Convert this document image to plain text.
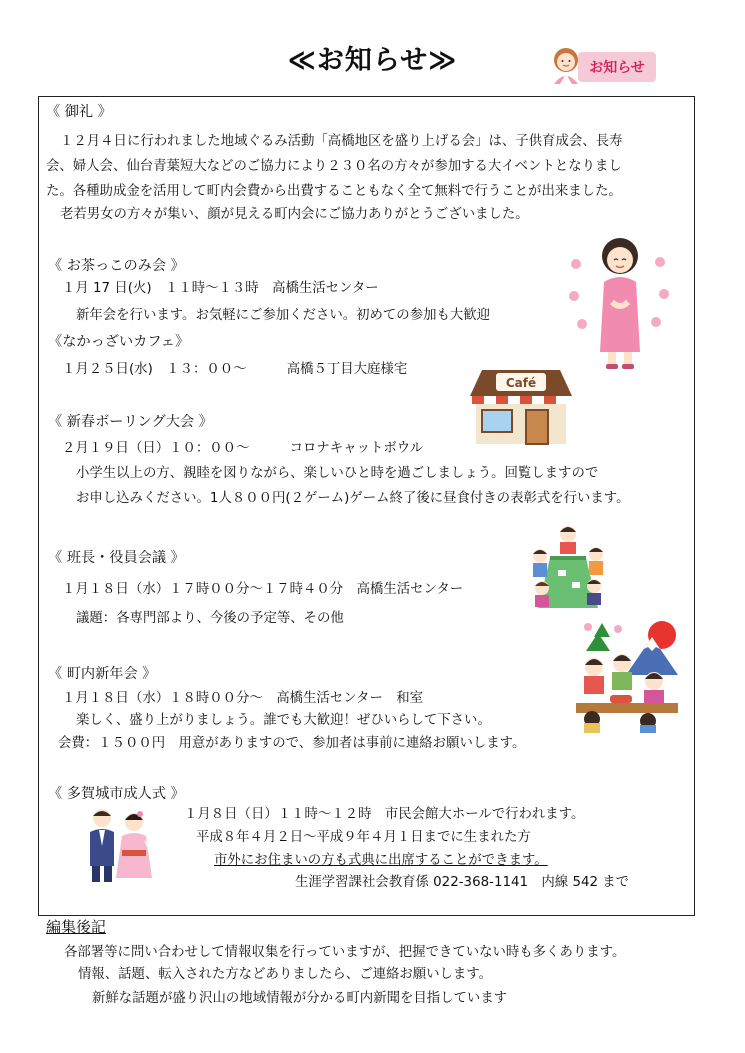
≪お知らせ≫	お知らせ
《 御礼 》
１２月４日に行われました地域ぐるみ活動「高橋地区を盛り上げる会」は、子供育成会、長寿
会、婦人会、仙台青葉短大などのご協力により２３０名の方々が参加する大イベントとなりまし
た。各種助成金を活用して町内会費から出費することもなく全て無料で行うことが出来ました。
老若男女の方々が集い、顔が見える町内会にご協力ありがとうございました。
《 お茶っこのみ会 》
１月 17 日(火)　１１時～１３時　高橋生活センター
新年会を行います。お気軽にご参加ください。初めての参加も大歓迎
《なかっざいカフェ》
１月２５日(水)　１３：００～　　　高橋５丁目大庭様宅
Café
《 新春ボーリング大会 》
２月１９日（日）１０：００～　　　コロナキャットボウル
小学生以上の方、親睦を図りながら、楽しいひと時を過ごしましょう。回覧しますので
お申し込みください。1人８００円(２ゲーム)ゲーム終了後に昼食付きの表彰式を行います。
《 班長・役員会議 》
１月１８日（水）１７時００分～１７時４０分　高橋生活センター
議題：各専門部より、今後の予定等、その他
《 町内新年会 》
１月１８日（水）１８時００分～　高橋生活センター　和室
楽しく、盛り上がりましょう。誰でも大歓迎！ぜひいらして下さい。
会費：１５００円　用意がありますので、参加者は事前に連絡お願いします。
《 多賀城市成人式 》
１月８日（日）１１時～１２時　市民会館大ホールで行われます。
平成８年４月２日～平成９年４月１日までに生まれた方
市外にお住まいの方も式典に出席することができます。
生涯学習課社会教育係 022-368-1141　内線 542 まで
編集後記
各部署等に問い合わせして情報収集を行っていますが、把握できていない時も多くあります。
情報、話題、転入された方などありましたら、ご連絡お願いします。
新鮮な話題が盛り沢山の地域情報が分かる町内新聞を目指しています
